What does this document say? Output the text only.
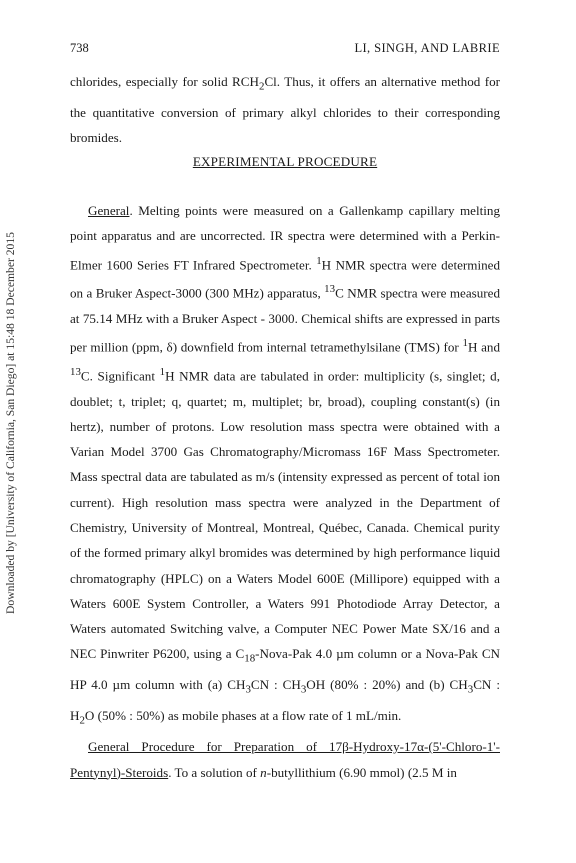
738	LI, SINGH, AND LABRIE
Downloaded by [University of California, San Diego] at 15:48 18 December 2015

chlorides, especially for solid $RCH_2Cl$. Thus, it offers an alternative method for the quantitative conversion of primary alkyl chlorides to their corresponding bromides.

EXPERIMENTAL PROCEDURE

General. Melting points were measured on a Gallenkamp capillary melting point apparatus and are uncorrected. IR spectra were determined with a Perkin-Elmer 1600 Series FT Infrared Spectrometer. $^1$H NMR spectra were determined on a Bruker Aspect-3000 (300 MHz) apparatus, $^{13}$C NMR spectra were measured at 75.14 MHz with a Bruker Aspect - 3000. Chemical shifts are expressed in parts per million (ppm, δ) downfield from internal tetramethylsilane (TMS) for $^1$H and $^{13}$C. Significant $^1$H NMR data are tabulated in order: multiplicity (s, singlet; d, doublet; t, triplet; q, quartet; m, multiplet; br, broad), coupling constant(s) (in hertz), number of protons. Low resolution mass spectra were obtained with a Varian Model 3700 Gas Chromatography/Micromass 16F Mass Spectrometer. Mass spectral data are tabulated as m/s (intensity expressed as percent of total ion current). High resolution mass spectra were analyzed in the Department of Chemistry, University of Montreal, Montreal, Québec, Canada. Chemical purity of the formed primary alkyl bromides was determined by high performance liquid chromatography (HPLC) on a Waters Model 600E (Millipore) equipped with a Waters 600E System Controller, a Waters 991 Photodiode Array Detector, a Waters automated Switching valve, a Computer NEC Power Mate SX/16 and a NEC Pinwriter P6200, using a $C_{18}-Nova$-Pak 4.0 µm column or a Nova-Pak CN HP 4.0 µm column with (a) $CH_3CN$ : $CH_3OH$ (80% : 20%) and (b) $CH_3CN$ : $H_2O$ (50% : 50%) as mobile phases at a flow rate of 1 mL/min.

General Procedure for Preparation of 17β-Hydroxy-17α-(5'-Chloro-1'-Pentynyl)-Steroids. To a solution of n-butyllithium (6.90 mmol) (2.5 M in
